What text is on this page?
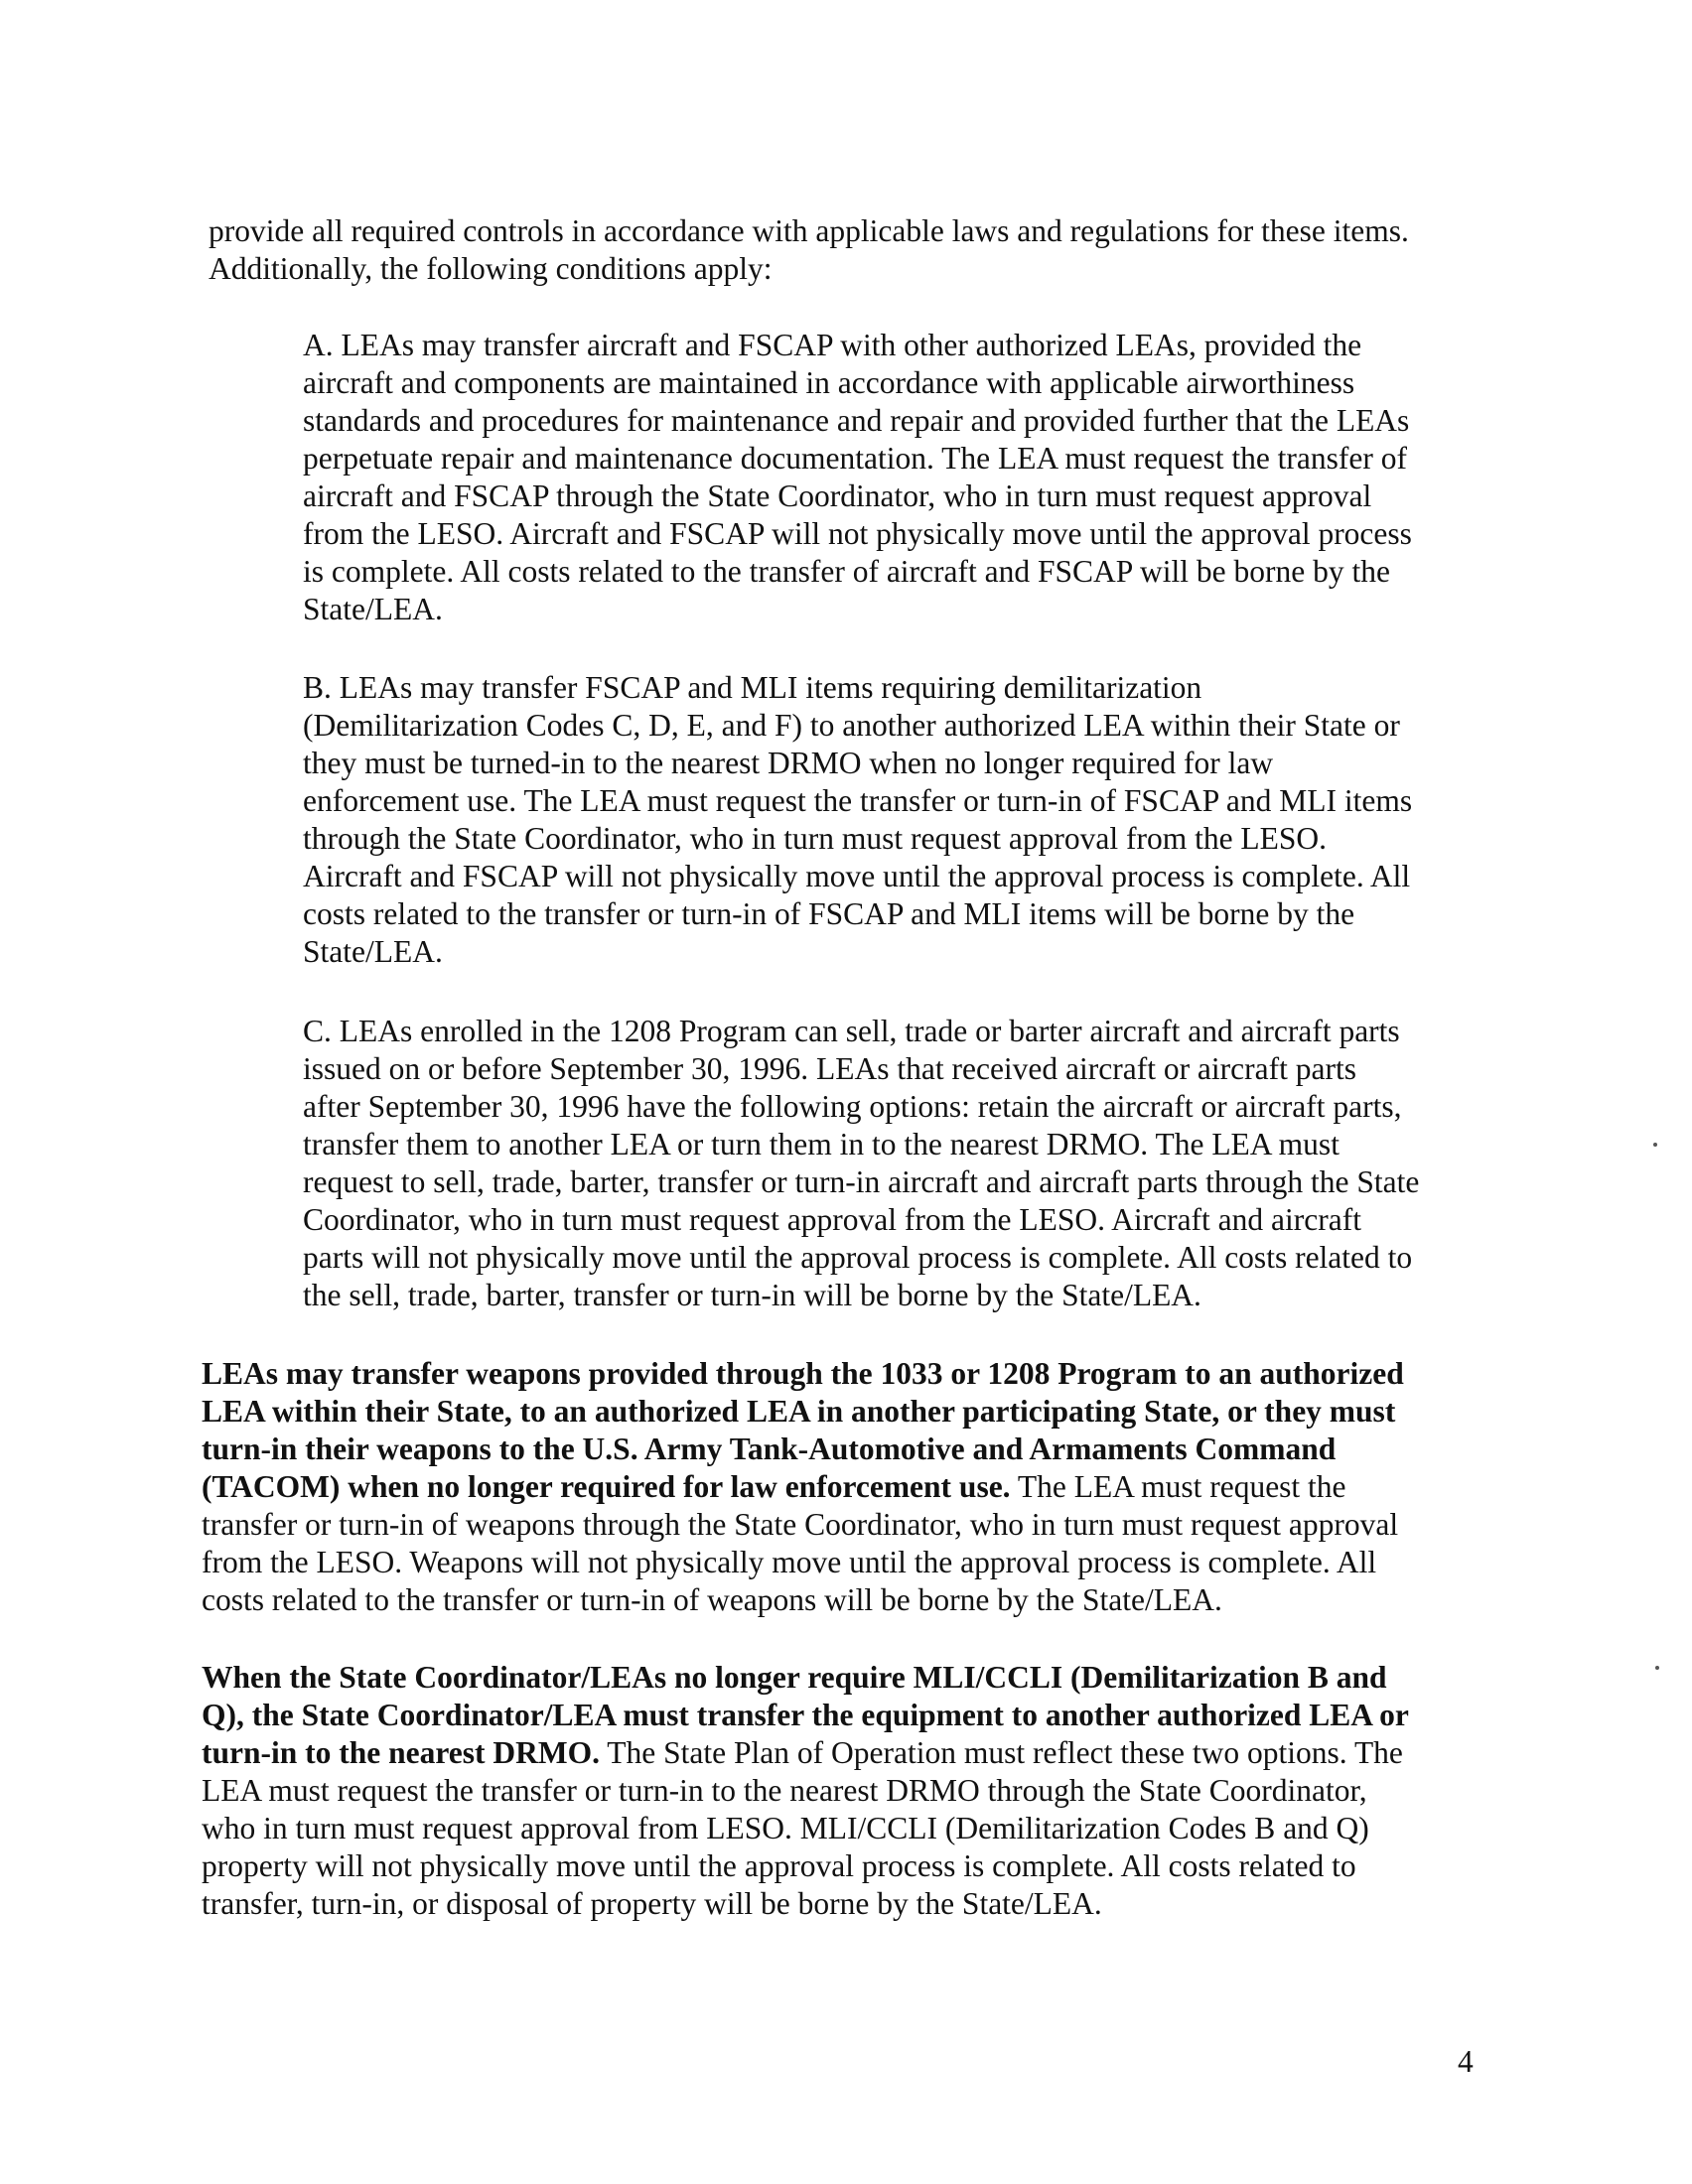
provide all required controls in accordance with applicable laws and regulations for these items.
Additionally, the following conditions apply:

A. LEAs may transfer aircraft and FSCAP with other authorized LEAs, provided the
aircraft and components are maintained in accordance with applicable airworthiness
standards and procedures for maintenance and repair and provided further that the LEAs
perpetuate repair and maintenance documentation. The LEA must request the transfer of
aircraft and FSCAP through the State Coordinator, who in turn must request approval
from the LESO. Aircraft and FSCAP will not physically move until the approval process
is complete. All costs related to the transfer of aircraft and FSCAP will be borne by the
State/LEA.

B. LEAs may transfer FSCAP and MLI items requiring demilitarization
(Demilitarization Codes C, D, E, and F) to another authorized LEA within their State or
they must be turned-in to the nearest DRMO when no longer required for law
enforcement use. The LEA must request the transfer or turn-in of FSCAP and MLI items
through the State Coordinator, who in turn must request approval from the LESO.
Aircraft and FSCAP will not physically move until the approval process is complete. All
costs related to the transfer or turn-in of FSCAP and MLI items will be borne by the
State/LEA.

C. LEAs enrolled in the 1208 Program can sell, trade or barter aircraft and aircraft parts
issued on or before September 30, 1996. LEAs that received aircraft or aircraft parts
after September 30, 1996 have the following options: retain the aircraft or aircraft parts,
transfer them to another LEA or turn them in to the nearest DRMO. The LEA must
request to sell, trade, barter, transfer or turn-in aircraft and aircraft parts through the State
Coordinator, who in turn must request approval from the LESO. Aircraft and aircraft
parts will not physically move until the approval process is complete. All costs related to
the sell, trade, barter, transfer or turn-in will be borne by the State/LEA.

LEAs may transfer weapons provided through the 1033 or 1208 Program to an authorized
LEA within their State, to an authorized LEA in another participating State, or they must
turn-in their weapons to the U.S. Army Tank-Automotive and Armaments Command
(TACOM) when no longer required for law enforcement use. The LEA must request the
transfer or turn-in of weapons through the State Coordinator, who in turn must request approval
from the LESO. Weapons will not physically move until the approval process is complete. All
costs related to the transfer or turn-in of weapons will be borne by the State/LEA.

When the State Coordinator/LEAs no longer require MLI/CCLI (Demilitarization B and
Q), the State Coordinator/LEA must transfer the equipment to another authorized LEA or
turn-in to the nearest DRMO. The State Plan of Operation must reflect these two options. The
LEA must request the transfer or turn-in to the nearest DRMO through the State Coordinator,
who in turn must request approval from LESO. MLI/CCLI (Demilitarization Codes B and Q)
property will not physically move until the approval process is complete. All costs related to
transfer, turn-in, or disposal of property will be borne by the State/LEA.

4
